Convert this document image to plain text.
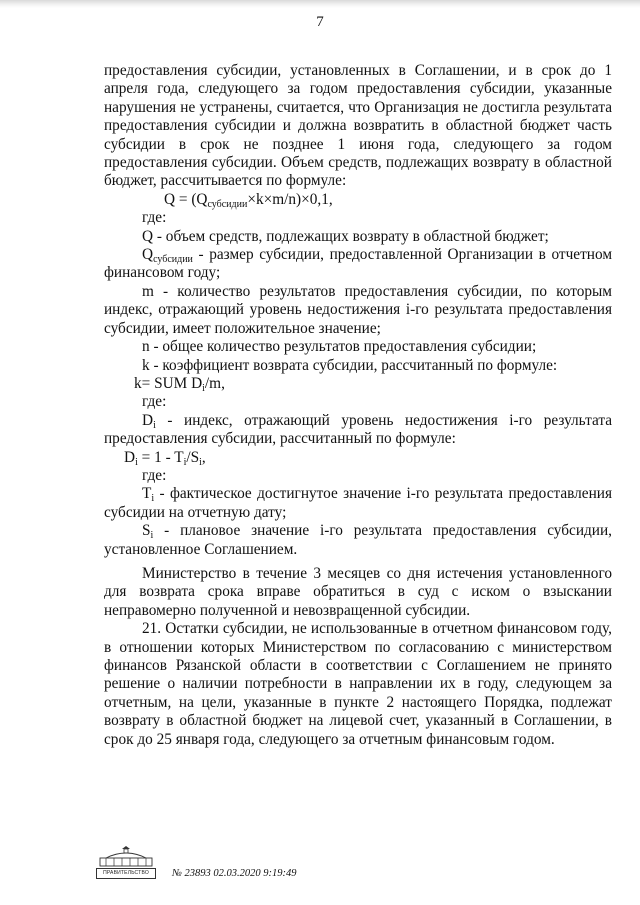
7

предоставления субсидии, установленных в Соглашении, и в срок до 1 апреля года, следующего за годом предоставления субсидии, указанные нарушения не устранены, считается, что Организация не достигла результата предоставления субсидии и должна возвратить в областной бюджет часть субсидии в срок не позднее 1 июня года, следующего за годом предоставления субсидии. Объем средств, подлежащих возврату в областной бюджет, рассчитывается по формуле:

$Q = (Q_{субсидии}\times k\times m/n)\times 0,1$,

где:

Q - объем средств, подлежащих возврату в областной бюджет;

$Q_{субсидии}$ - размер субсидии, предоставленной Организации в отчетном финансовом году;

m - количество результатов предоставления субсидии, по которым индекс, отражающий уровень недостижения i-го результата предоставления субсидии, имеет положительное значение;

n - общее количество результатов предоставления субсидии;

k - коэффициент возврата субсидии, рассчитанный по формуле:

k= SUM $D_i/m$,

где:

$D_i$ - индекс, отражающий уровень недостижения i-го результата предоставления субсидии, рассчитанный по формуле:

$D_i = 1 - T_i/S_i$,

где:

$T_i$ - фактическое достигнутое значение i-го результата предоставления субсидии на отчетную дату;

$S_i$ - плановое значение i-го результата предоставления субсидии, установленное Соглашением.

Министерство в течение 3 месяцев со дня истечения установленного для возврата срока вправе обратиться в суд с иском о взыскании неправомерно полученной и невозвращенной субсидии.

21. Остатки субсидии, не использованные в отчетном финансовом году, в отношении которых Министерством по согласованию с министерством финансов Рязанской области в соответствии с Соглашением не принято решение о наличии потребности в направлении их в году, следующем за отчетным, на цели, указанные в пункте 2 настоящего Порядка, подлежат возврату в областной бюджет на лицевой счет, указанный в Соглашении, в срок до 25 января года, следующего за отчетным финансовым годом.

ПРАВИТЕЛЬСТВО	№ 23893 02.03.2020 9:19:49
